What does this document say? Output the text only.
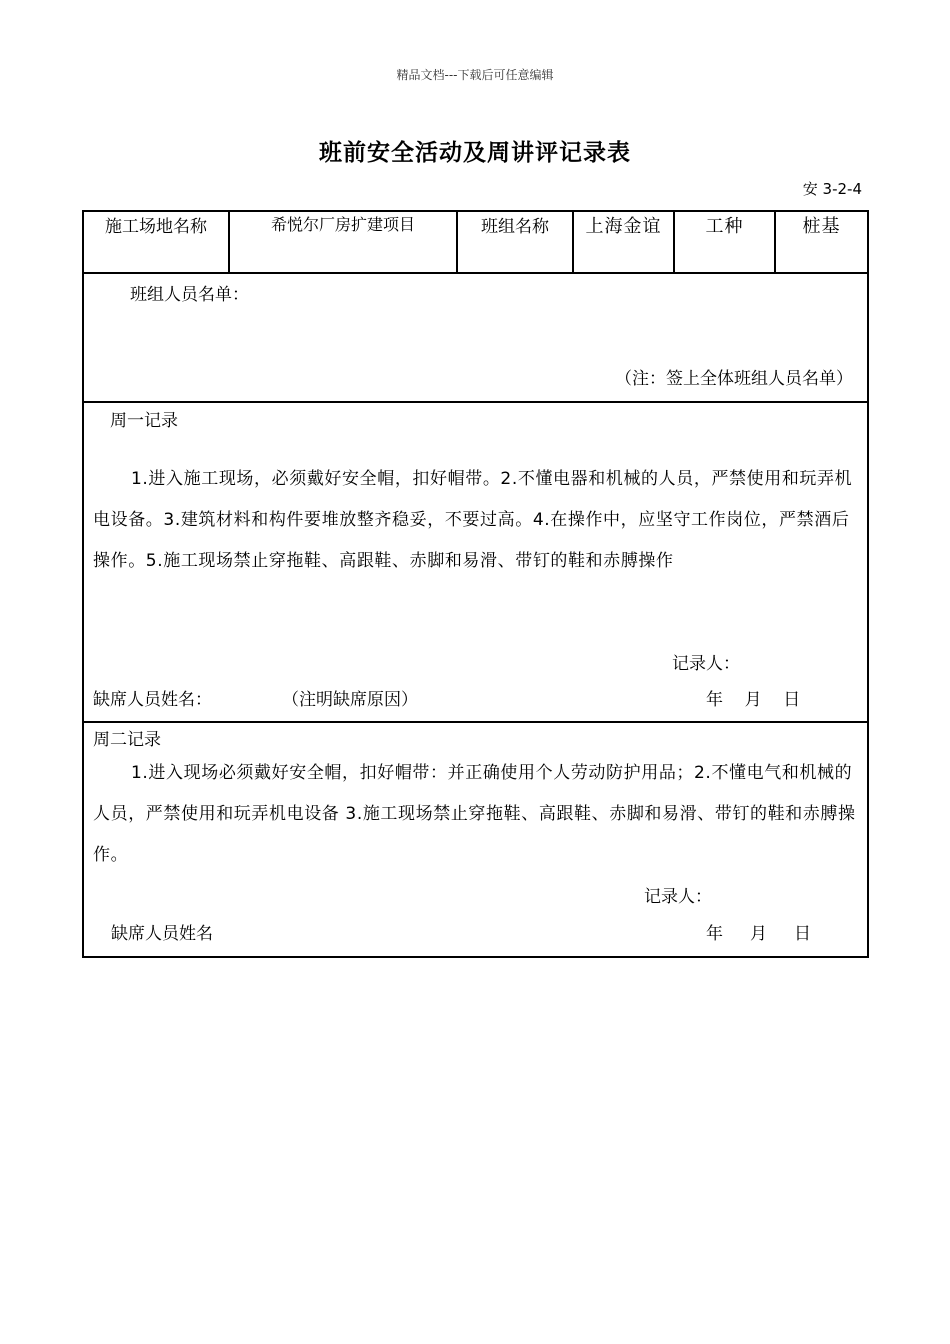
精品文档---下载后可任意编辑
班前安全活动及周讲评记录表
安 3-2-4
施工场地名称	希悦尔厂房扩建项目	班组名称	上海金谊	工种	桩基

班组人员名单：
（注：签上全体班组人员名单）

周一记录
1.进入施工现场，必须戴好安全帽，扣好帽带。2.不懂电器和机械的人员，严禁使用和玩弄机电设备。3.建筑材料和构件要堆放整齐稳妥，不要过高。4.在操作中，应坚守工作岗位，严禁酒后操作。5.施工现场禁止穿拖鞋、高跟鞋、赤脚和易滑、带钉的鞋和赤膊操作
记录人：
缺席人员姓名：	（注明缺席原因）	年    月    日

周二记录
1.进入现场必须戴好安全帽，扣好帽带：并正确使用个人劳动防护用品；2.不懂电气和机械的人员，严禁使用和玩弄机电设备 3.施工现场禁止穿拖鞋、高跟鞋、赤脚和易滑、带钉的鞋和赤膊操作。
记录人：
缺席人员姓名	年     月     日
